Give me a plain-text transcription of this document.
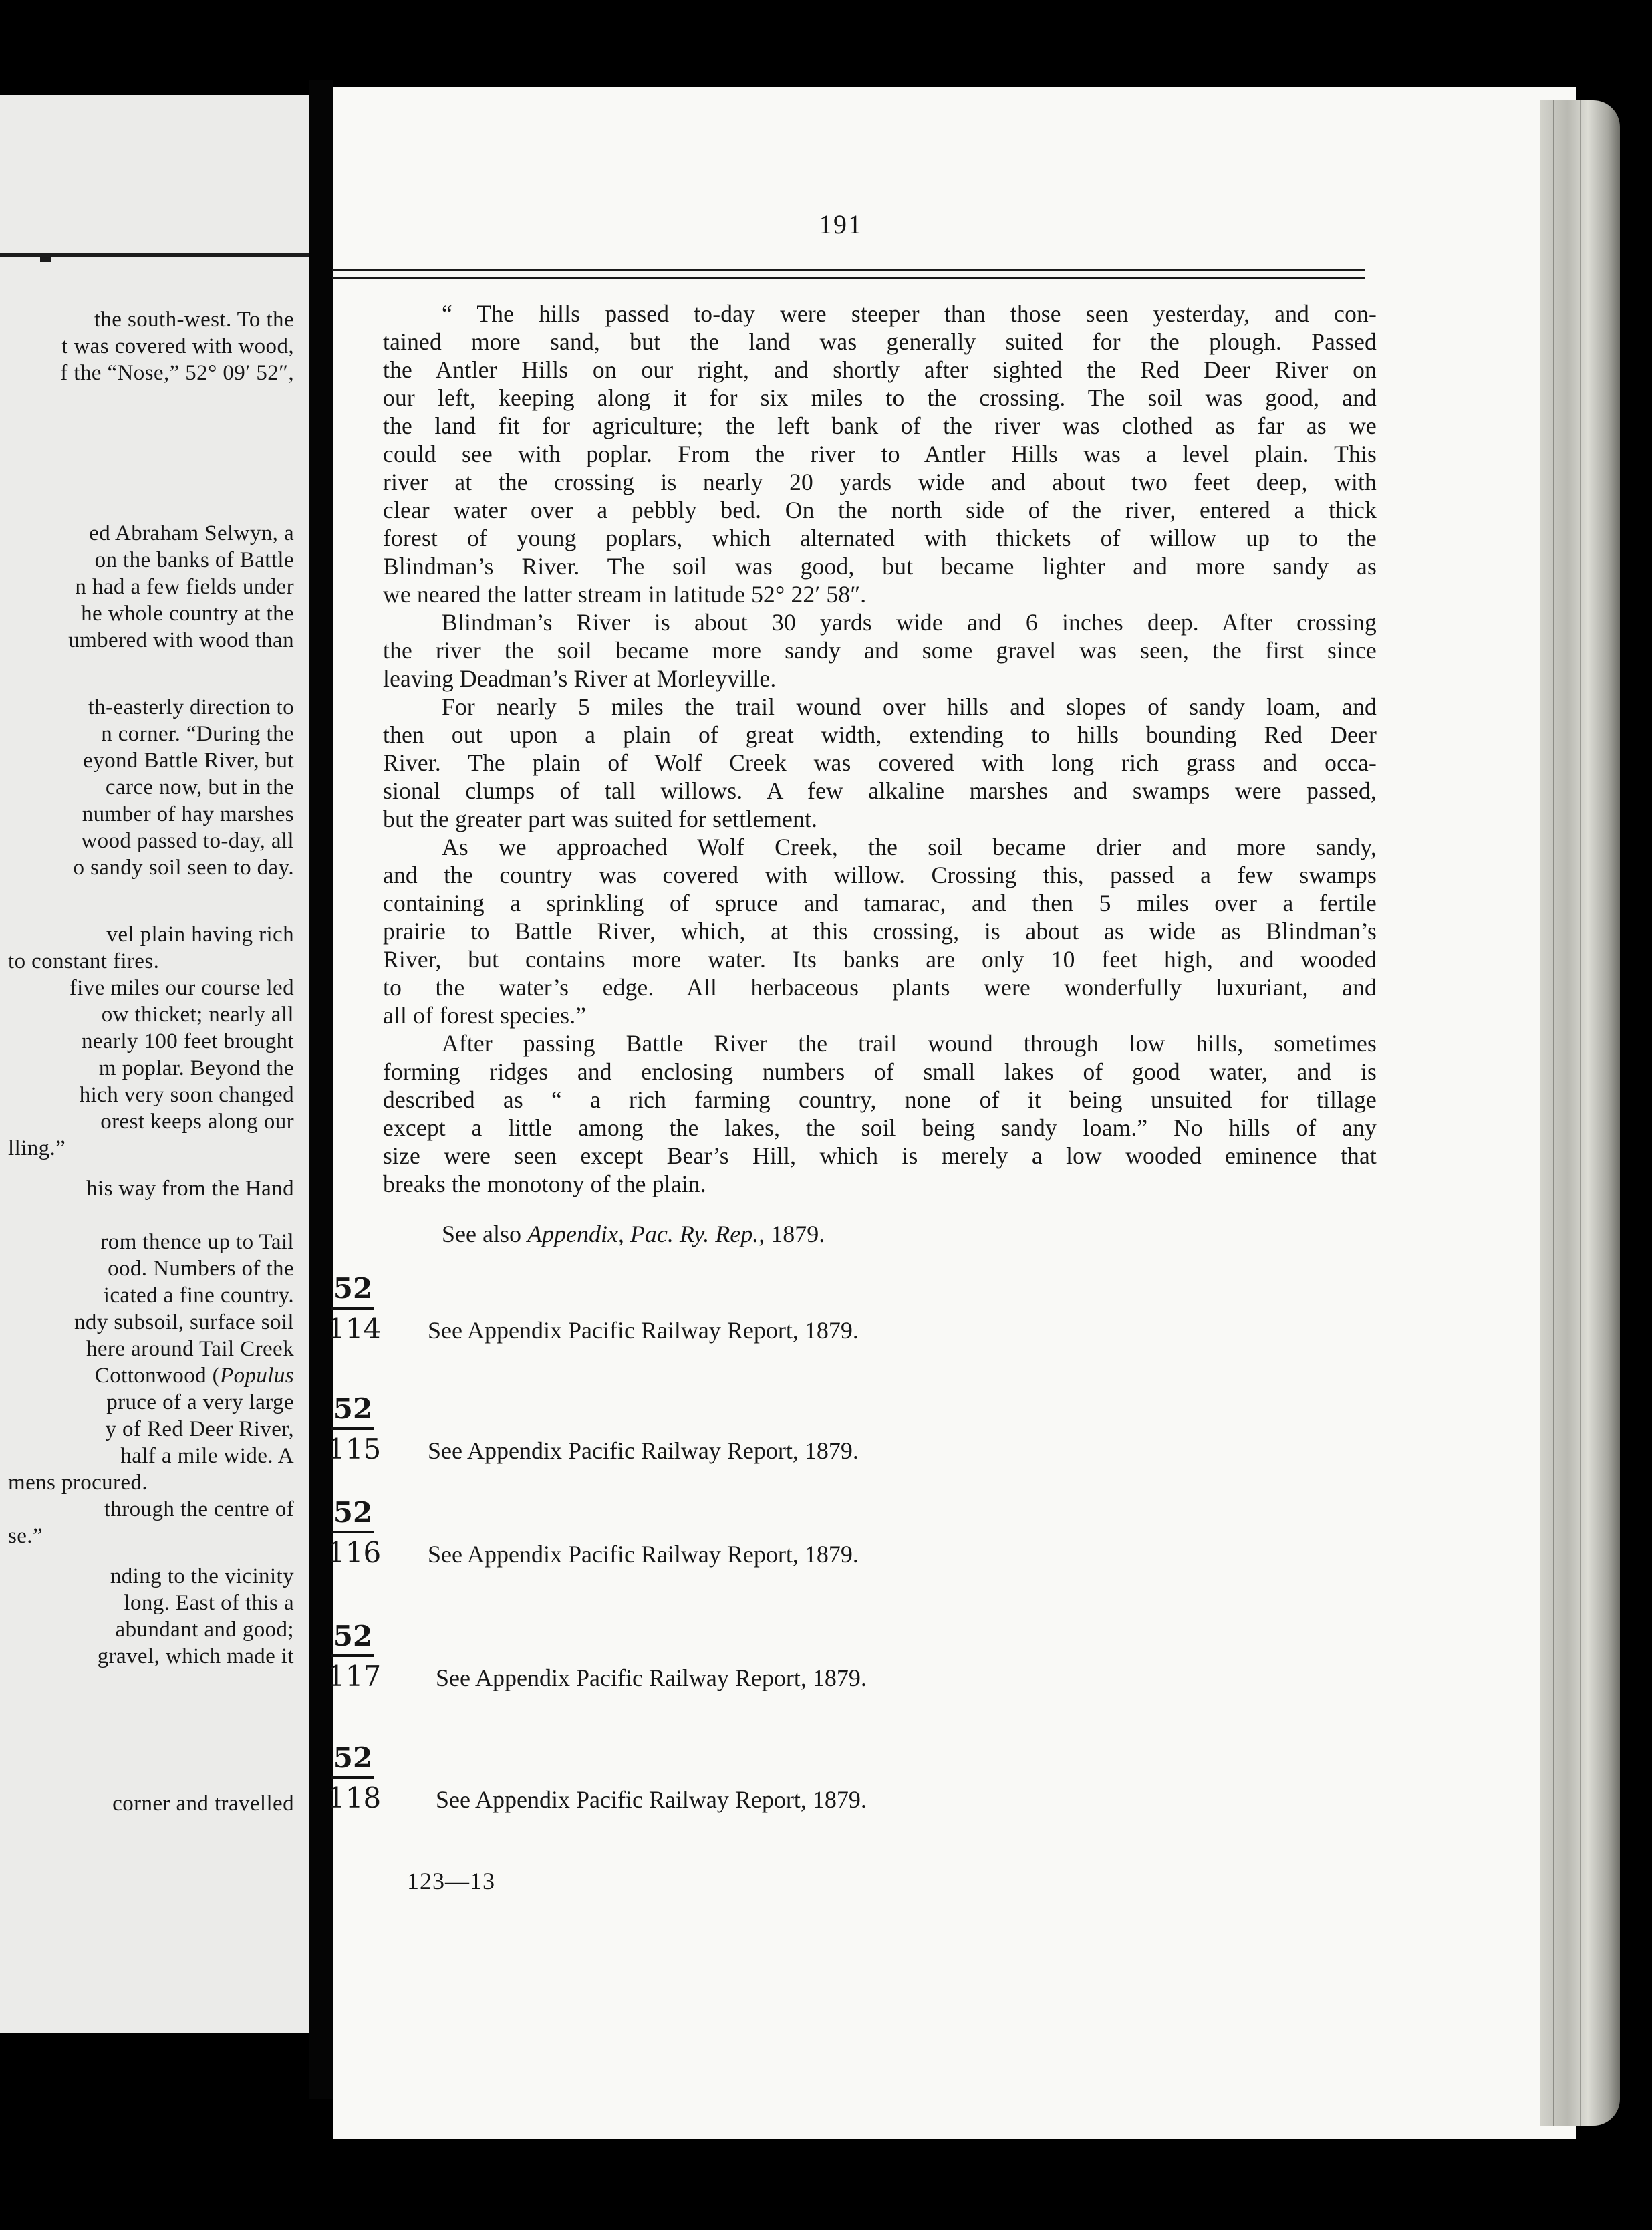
the south-west. To the
t was covered with wood,
f the “Nose,” 52° 09′ 52″,
ed Abraham Selwyn, a
on the banks of Battle
n had a few fields under
he whole country at the
umbered with wood than
th-easterly direction to
n corner. “During the
eyond Battle River, but
carce now, but in the
number of hay marshes
wood passed to-day, all
o sandy soil seen to day.
vel plain having rich
to constant fires.
five miles our course led
ow thicket; nearly all
nearly 100 feet brought
m poplar. Beyond the
hich very soon changed
orest keeps along our
lling.”
his way from the Hand
rom thence up to Tail
ood. Numbers of the
icated a fine country.
ndy subsoil, surface soil
here around Tail Creek
Cottonwood (Populus
pruce of a very large
y of Red Deer River,
half a mile wide. A
mens procured.
through the centre of
se.”
nding to the vicinity
long. East of this a
abundant and good;
gravel, which made it
corner and travelled
191
“ The hills passed to-day were steeper than those seen yesterday, and con-
tained more sand, but the land was generally suited for the plough. Passed
the Antler Hills on our right, and shortly after sighted the Red Deer River on
our left, keeping along it for six miles to the crossing. The soil was good, and
the land fit for agriculture; the left bank of the river was clothed as far as we
could see with poplar. From the river to Antler Hills was a level plain. This
river at the crossing is nearly 20 yards wide and about two feet deep, with
clear water over a pebbly bed. On the north side of the river, entered a thick
forest of young poplars, which alternated with thickets of willow up to the
Blindman’s River. The soil was good, but became lighter and more sandy as
we neared the latter stream in latitude 52° 22′ 58″.
Blindman’s River is about 30 yards wide and 6 inches deep. After crossing
the river the soil became more sandy and some gravel was seen, the first since
leaving Deadman’s River at Morleyville.
For nearly 5 miles the trail wound over hills and slopes of sandy loam, and
then out upon a plain of great width, extending to hills bounding Red Deer
River. The plain of Wolf Creek was covered with long rich grass and occa-
sional clumps of tall willows. A few alkaline marshes and swamps were passed,
but the greater part was suited for settlement.
As we approached Wolf Creek, the soil became drier and more sandy,
and the country was covered with willow. Crossing this, passed a few swamps
containing a sprinkling of spruce and tamarac, and then 5 miles over a fertile
prairie to Battle River, which, at this crossing, is about as wide as Blindman’s
River, but contains more water. Its banks are only 10 feet high, and wooded
to the water’s edge. All herbaceous plants were wonderfully luxuriant, and
all of forest species.”
After passing Battle River the trail wound through low hills, sometimes
forming ridges and enclosing numbers of small lakes of good water, and is
described as “ a rich farming country, none of it being unsuited for tillage
except a little among the lakes, the soil being sandy loam.” No hills of any
size were seen except Bear’s Hill, which is merely a low wooded eminence that
breaks the monotony of the plain.
See also Appendix, Pac. Ry. Rep., 1879.
52
114 See Appendix Pacific Railway Report, 1879.
52
115 See Appendix Pacific Railway Report, 1879.
52
116 See Appendix Pacific Railway Report, 1879.
52
117 See Appendix Pacific Railway Report, 1879.
52
118 See Appendix Pacific Railway Report, 1879.
123—13
